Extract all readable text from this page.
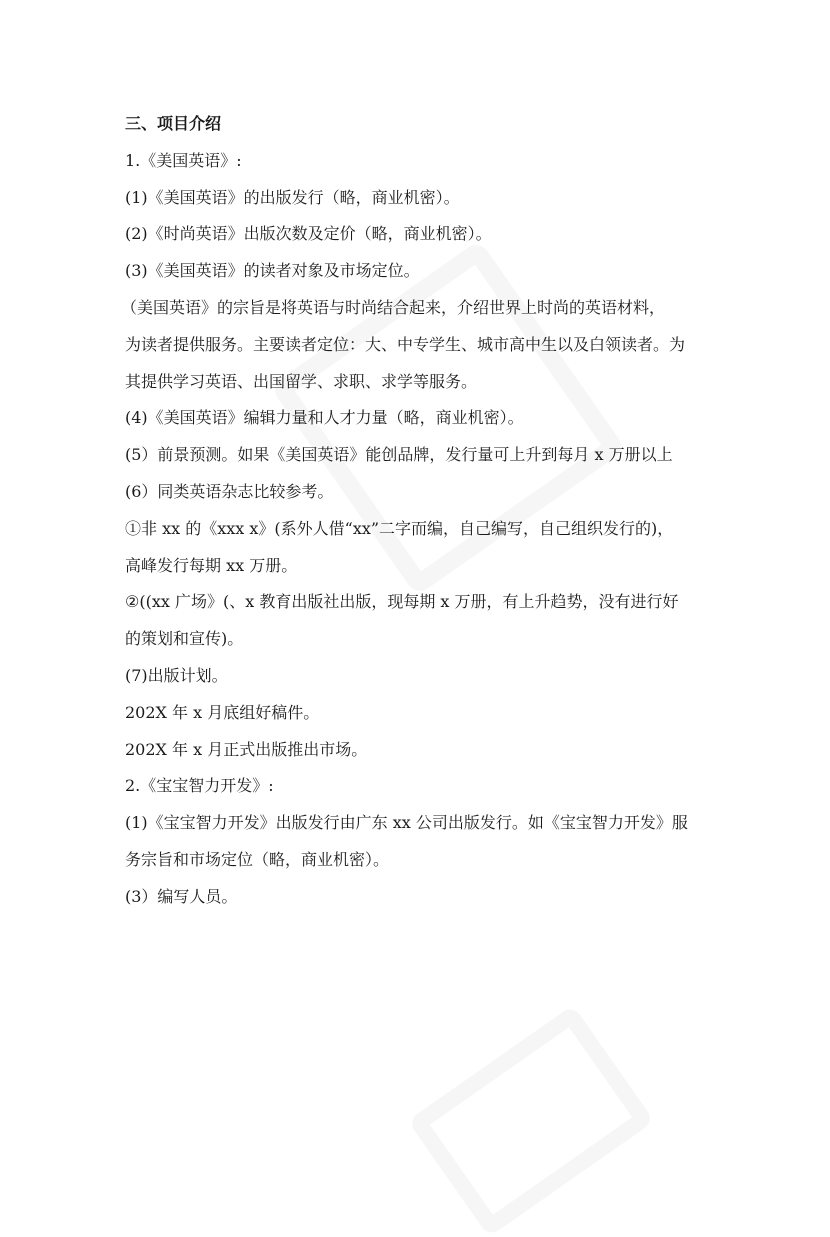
三、项目介绍

1.《美国英语》:

(1)《美国英语》的出版发行（略，商业机密）。

(2)《时尚英语》出版次数及定价（略，商业机密）。

(3)《美国英语》的读者对象及市场定位。

（美国英语》的宗旨是将英语与时尚结合起来，介绍世界上时尚的英语材料，

为读者提供服务。主要读者定位：大、中专学生、城市高中生以及白领读者。为

其提供学习英语、出国留学、求职、求学等服务。

(4)《美国英语》编辑力量和人才力量（略，商业机密）。

(5）前景预测。如果《美国英语》能创品牌，发行量可上升到每月 x 万册以上

(6）同类英语杂志比较参考。

①非 xx 的《xxx x》(系外人借“xx”二字而编，自己编写，自己组织发行的)，

高峰发行每期 xx 万册。

②((xx 广场》(、x 教育出版社出版，现每期 x 万册，有上升趋势，没有进行好

的策划和宣传)。

(7)出版计划。

202X 年 x 月底组好稿件。

202X 年 x 月正式出版推出市场。

2.《宝宝智力开发》:

(1)《宝宝智力开发》出版发行由广东 xx 公司出版发行。如《宝宝智力开发》服

务宗旨和市场定位（略，商业机密）。

(3）编写人员。
